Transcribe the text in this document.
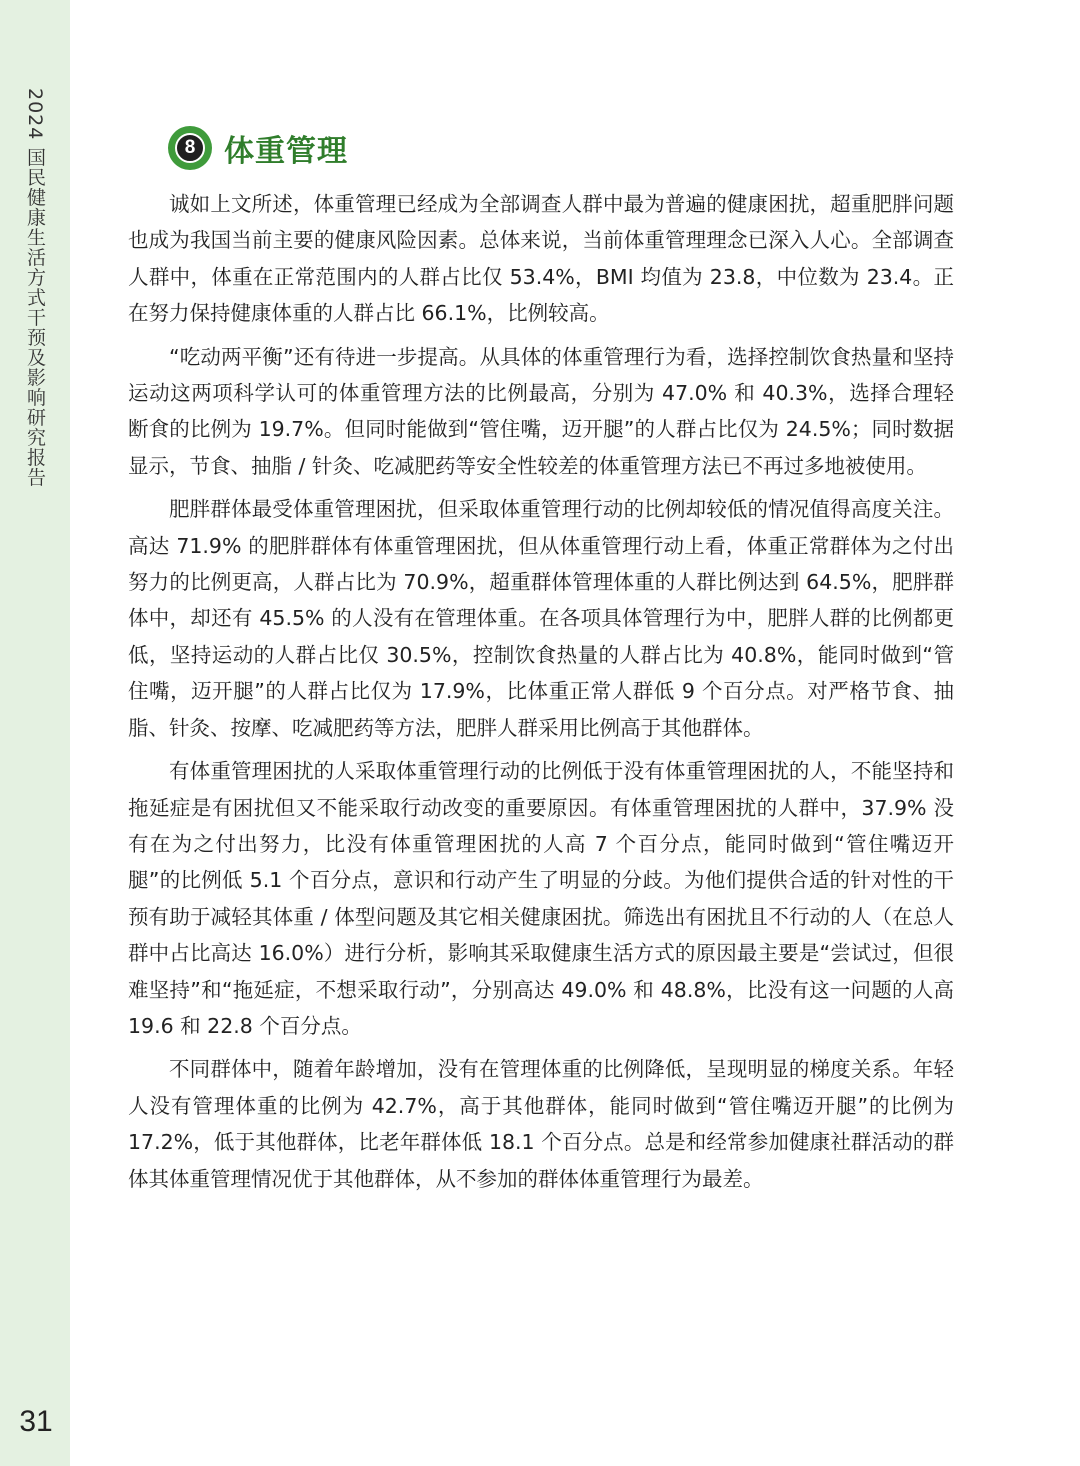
2024 国民健康生活方式干预及影响研究报告
31
8 体重管理

诚如上文所述，体重管理已经成为全部调查人群中最为普遍的健康困扰，超重肥胖问题也成为我国当前主要的健康风险因素。总体来说，当前体重管理理念已深入人心。全部调查人群中，体重在正常范围内的人群占比仅 53.4%，BMI 均值为 23.8，中位数为 23.4。正在努力保持健康体重的人群占比 66.1%，比例较高。

“吃动两平衡”还有待进一步提高。从具体的体重管理行为看，选择控制饮食热量和坚持运动这两项科学认可的体重管理方法的比例最高，分别为 47.0% 和 40.3%，选择合理轻断食的比例为 19.7%。但同时能做到“管住嘴，迈开腿”的人群占比仅为 24.5%；同时数据显示，节食、抽脂 / 针灸、吃减肥药等安全性较差的体重管理方法已不再过多地被使用。

肥胖群体最受体重管理困扰，但采取体重管理行动的比例却较低的情况值得高度关注。高达 71.9% 的肥胖群体有体重管理困扰，但从体重管理行动上看，体重正常群体为之付出努力的比例更高，人群占比为 70.9%，超重群体管理体重的人群比例达到 64.5%，肥胖群体中，却还有 45.5% 的人没有在管理体重。在各项具体管理行为中，肥胖人群的比例都更低，坚持运动的人群占比仅 30.5%，控制饮食热量的人群占比为 40.8%，能同时做到“管住嘴，迈开腿”的人群占比仅为 17.9%，比体重正常人群低 9 个百分点。对严格节食、抽脂、针灸、按摩、吃减肥药等方法，肥胖人群采用比例高于其他群体。

有体重管理困扰的人采取体重管理行动的比例低于没有体重管理困扰的人，不能坚持和拖延症是有困扰但又不能采取行动改变的重要原因。有体重管理困扰的人群中，37.9% 没有在为之付出努力，比没有体重管理困扰的人高 7 个百分点，能同时做到“管住嘴迈开腿”的比例低 5.1 个百分点，意识和行动产生了明显的分歧。为他们提供合适的针对性的干预有助于减轻其体重 / 体型问题及其它相关健康困扰。筛选出有困扰且不行动的人（在总人群中占比高达 16.0%）进行分析，影响其采取健康生活方式的原因最主要是“尝试过，但很难坚持”和“拖延症，不想采取行动”，分别高达 49.0% 和 48.8%，比没有这一问题的人高 19.6 和 22.8 个百分点。

不同群体中，随着年龄增加，没有在管理体重的比例降低，呈现明显的梯度关系。年轻人没有管理体重的比例为 42.7%，高于其他群体，能同时做到“管住嘴迈开腿”的比例为 17.2%，低于其他群体，比老年群体低 18.1 个百分点。总是和经常参加健康社群活动的群体其体重管理情况优于其他群体，从不参加的群体体重管理行为最差。
